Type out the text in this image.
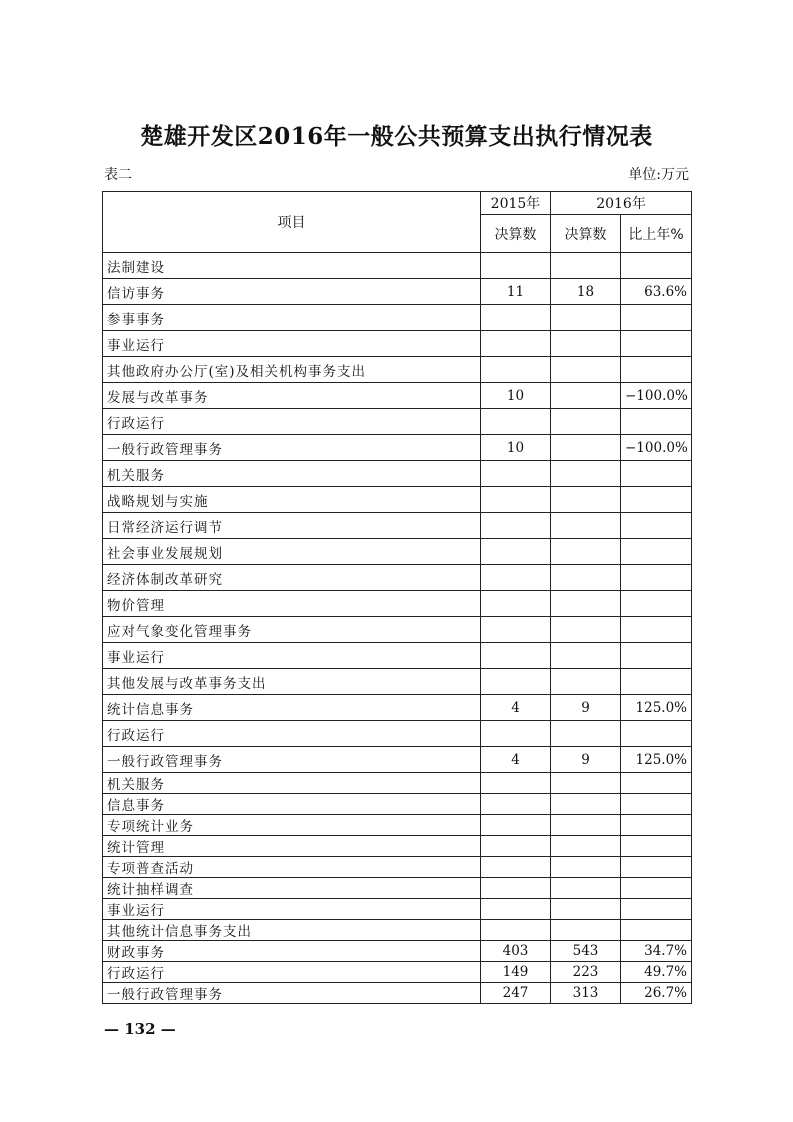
楚雄开发区2016年一般公共预算支出执行情况表
表二	单位:万元
项目	2015年	2016年	
	决算数	决算数	比上年%
法制建设			
信访事务	11	18	63.6%
参事事务			
事业运行			
其他政府办公厅(室)及相关机构事务支出			
发展与改革事务	10		−100.0%
行政运行			
一般行政管理事务	10		−100.0%
机关服务			
战略规划与实施			
日常经济运行调节			
社会事业发展规划			
经济体制改革研究			
物价管理			
应对气象变化管理事务			
事业运行			
其他发展与改革事务支出			
统计信息事务	4	9	125.0%
行政运行			
一般行政管理事务	4	9	125.0%
机关服务			
信息事务			
专项统计业务			
统计管理			
专项普查活动			
统计抽样调查			
事业运行			
其他统计信息事务支出			
财政事务	403	543	34.7%
行政运行	149	223	49.7%
一般行政管理事务	247	313	26.7%
— 132 —
